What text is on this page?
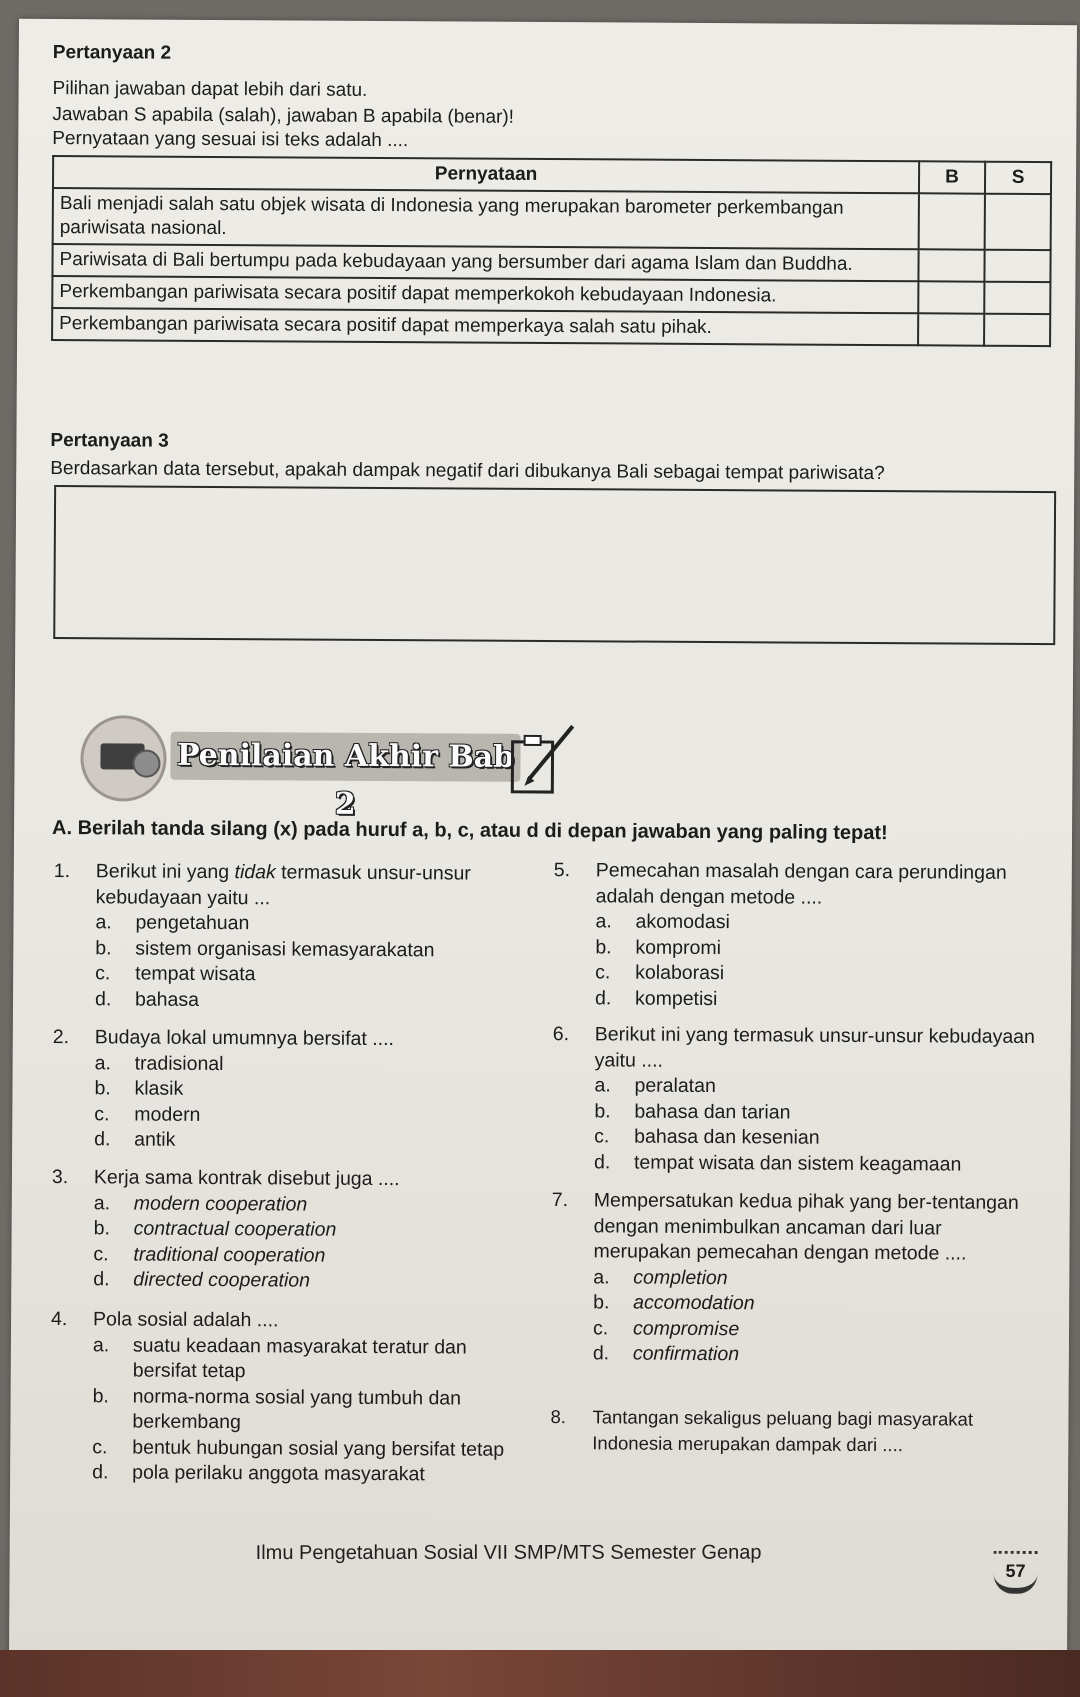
Pertanyaan 2
Pilihan jawaban dapat lebih dari satu.
Jawaban S apabila (salah), jawaban B apabila (benar)!
Pernyataan yang sesuai isi teks adalah ....
Pernyataan	B	S
Bali menjadi salah satu objek wisata di Indonesia yang merupakan barometer perkembangan pariwisata nasional.		
Pariwisata di Bali bertumpu pada kebudayaan yang bersumber dari agama Islam dan Buddha.		
Perkembangan pariwisata secara positif dapat memperkokoh kebudayaan Indonesia.		
Perkembangan pariwisata secara positif dapat memperkaya salah satu pihak.		
Pertanyaan 3
Berdasarkan data tersebut, apakah dampak negatif dari dibukanya Bali sebagai tempat pariwisata?
Penilaian Akhir Bab 2
A. Berilah tanda silang (x) pada huruf a, b, c, atau d di depan jawaban yang paling tepat!
1. Berikut ini yang tidak termasuk unsur-unsur kebudayaan yaitu ...
a. pengetahuan
b. sistem organisasi kemasyarakatan
c. tempat wisata
d. bahasa
2. Budaya lokal umumnya bersifat ....
a. tradisional
b. klasik
c. modern
d. antik
3. Kerja sama kontrak disebut juga ....
a. modern cooperation
b. contractual cooperation
c. traditional cooperation
d. directed cooperation
4. Pola sosial adalah ....
a. suatu keadaan masyarakat teratur dan bersifat tetap
b. norma-norma sosial yang tumbuh dan berkembang
c. bentuk hubungan sosial yang bersifat tetap
d. pola perilaku anggota masyarakat
5. Pemecahan masalah dengan cara perundingan adalah dengan metode ....
a. akomodasi
b. kompromi
c. kolaborasi
d. kompetisi
6. Berikut ini yang termasuk unsur-unsur kebudayaan yaitu ....
a. peralatan
b. bahasa dan tarian
c. bahasa dan kesenian
d. tempat wisata dan sistem keagamaan
7. Mempersatukan kedua pihak yang ber-tentangan dengan menimbulkan ancaman dari luar merupakan pemecahan dengan metode ....
a. completion
b. accomodation
c. compromise
d. confirmation
8. Tantangan sekaligus peluang bagi masyarakat Indonesia merupakan dampak dari ....
Ilmu Pengetahuan Sosial VII SMP/MTS Semester Genap
57
